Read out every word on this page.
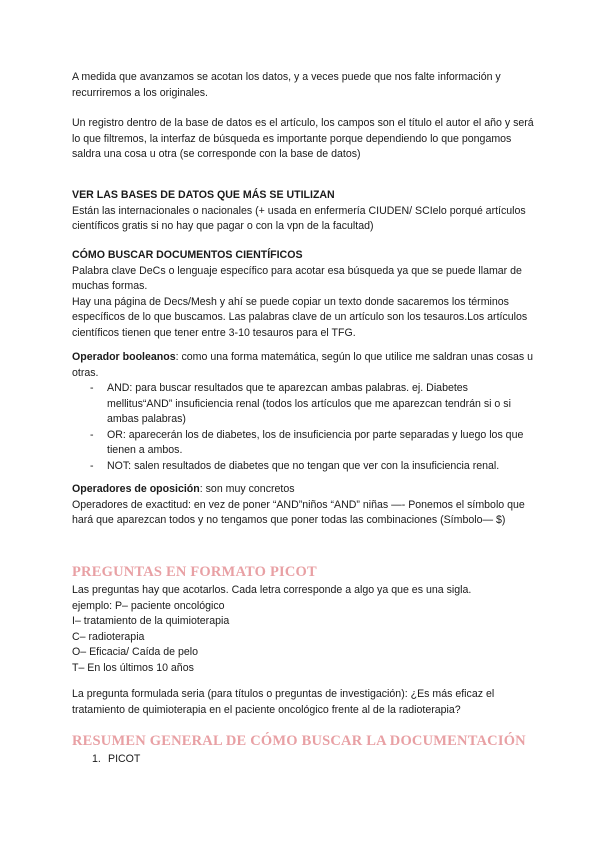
A medida que avanzamos se acotan los datos, y a veces puede que nos falte información y recurriremos a los originales.
Un registro dentro de la base de datos es el artículo, los campos son el título el autor el año y será lo que filtremos, la interfaz de búsqueda es importante porque dependiendo lo que pongamos saldra una cosa u otra (se corresponde con la base de datos)
VER LAS BASES DE DATOS QUE MÁS SE UTILIZAN
Están las internacionales o nacionales (+ usada en enfermería CIUDEN/ SCIelo porqué artículos científicos gratis si no hay que pagar o con la vpn de la facultad)
CÓMO BUSCAR DOCUMENTOS CIENTÍFICOS
Palabra clave DeCs o lenguaje específico para acotar esa búsqueda ya que se puede llamar de muchas formas.
Hay una página de Decs/Mesh y ahí se puede copiar un texto donde sacaremos los términos específicos de lo que buscamos. Las palabras clave de un artículo son los tesauros.Los artículos científicos tienen que tener entre 3-10 tesauros para el TFG.
Operador booleanos: como una forma matemática, según lo que utilice me saldran unas cosas u otras.
- AND: para buscar resultados que te aparezcan ambas palabras. ej. Diabetes mellitus“AND” insuficiencia renal (todos los artículos que me aparezcan tendrán si o si ambas palabras)
- OR: aparecerán los de diabetes, los de insuficiencia por parte separadas y luego los que tienen a ambos.
- NOT: salen resultados de diabetes que no tengan que ver con la insuficiencia renal.
Operadores de oposición: son muy concretos
Operadores de exactitud: en vez de poner “AND”niños “AND” niñas —- Ponemos el símbolo que hará que aparezcan todos y no tengamos que poner todas las combinaciones (Símbolo— $)
PREGUNTAS EN FORMATO PICOT
Las preguntas hay que acotarlos. Cada letra corresponde a algo ya que es una sigla.
ejemplo: P– paciente oncológico
I– tratamiento de la quimioterapia
C– radioterapia
O– Eficacia/ Caída de pelo
T– En los últimos 10 años
La pregunta formulada seria (para títulos o preguntas de investigación): ¿Es más eficaz el tratamiento de quimioterapia en el paciente oncológico frente al de la radioterapia?
RESUMEN GENERAL DE CÓMO BUSCAR LA DOCUMENTACIÓN
1. PICOT
